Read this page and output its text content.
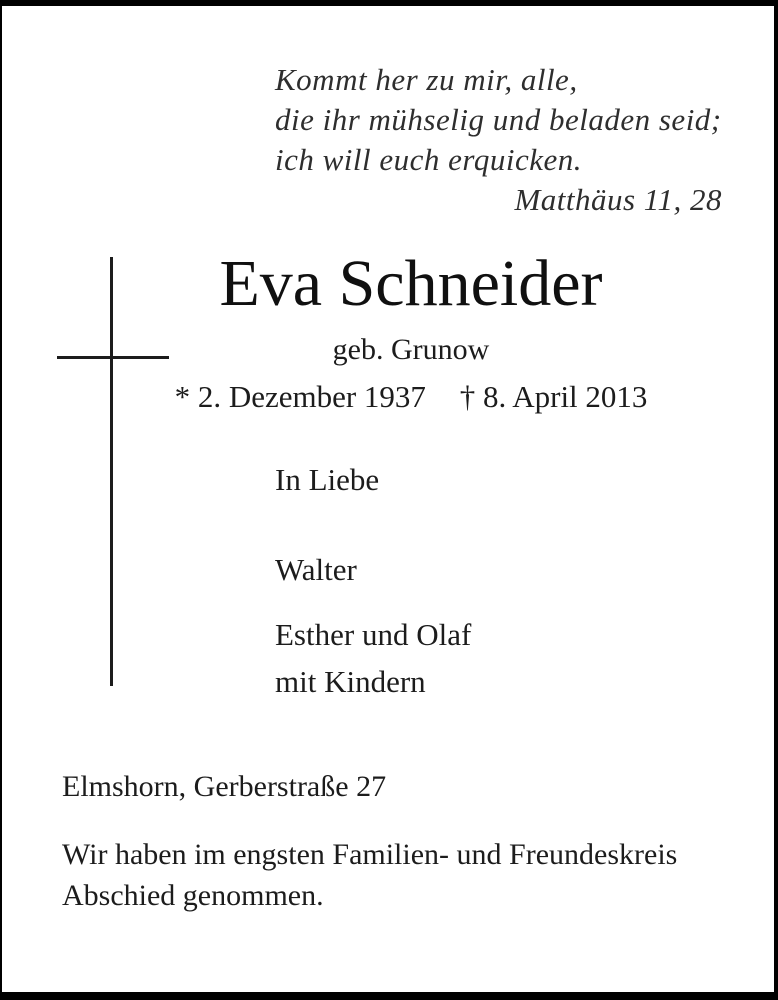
Kommt her zu mir, alle,
die ihr mühselig und beladen seid;
ich will euch erquicken.
Matthäus 11, 28
Eva Schneider
geb. Grunow
* 2. Dezember 1937 † 8. April 2013
In Liebe
Walter
Esther und Olaf
mit Kindern
Elmshorn, Gerberstraße 27
Wir haben im engsten Familien- und Freundeskreis
Abschied genommen.
